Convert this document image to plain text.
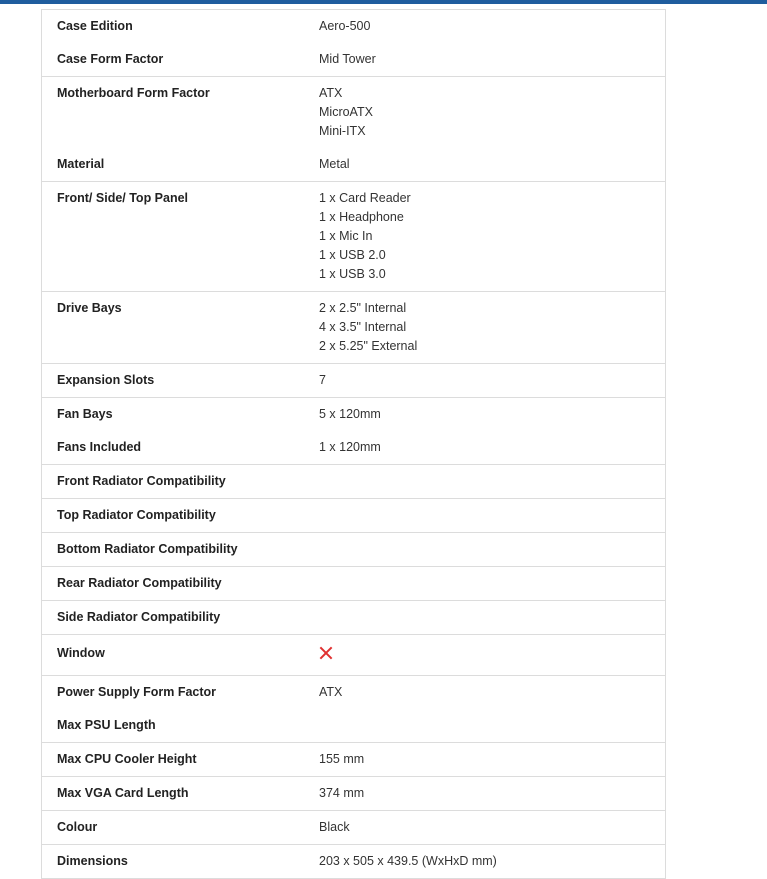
Case Edition	Aero-500
Case Form Factor	Mid Tower
Motherboard Form Factor	ATX
MicroATX
Mini-ITX
Material	Metal
Front/ Side/ Top Panel	1 x Card Reader
1 x Headphone
1 x Mic In
1 x USB 2.0
1 x USB 3.0
Drive Bays	2 x 2.5" Internal
4 x 3.5" Internal
2 x 5.25" External
Expansion Slots	7
Fan Bays	5 x 120mm
Fans Included	1 x 120mm
Front Radiator Compatibility
Top Radiator Compatibility
Bottom Radiator Compatibility
Rear Radiator Compatibility
Side Radiator Compatibility
Window
Power Supply Form Factor	ATX
Max PSU Length
Max CPU Cooler Height	155 mm
Max VGA Card Length	374 mm
Colour	Black
Dimensions	203 x 505 x 439.5 (WxHxD mm)
